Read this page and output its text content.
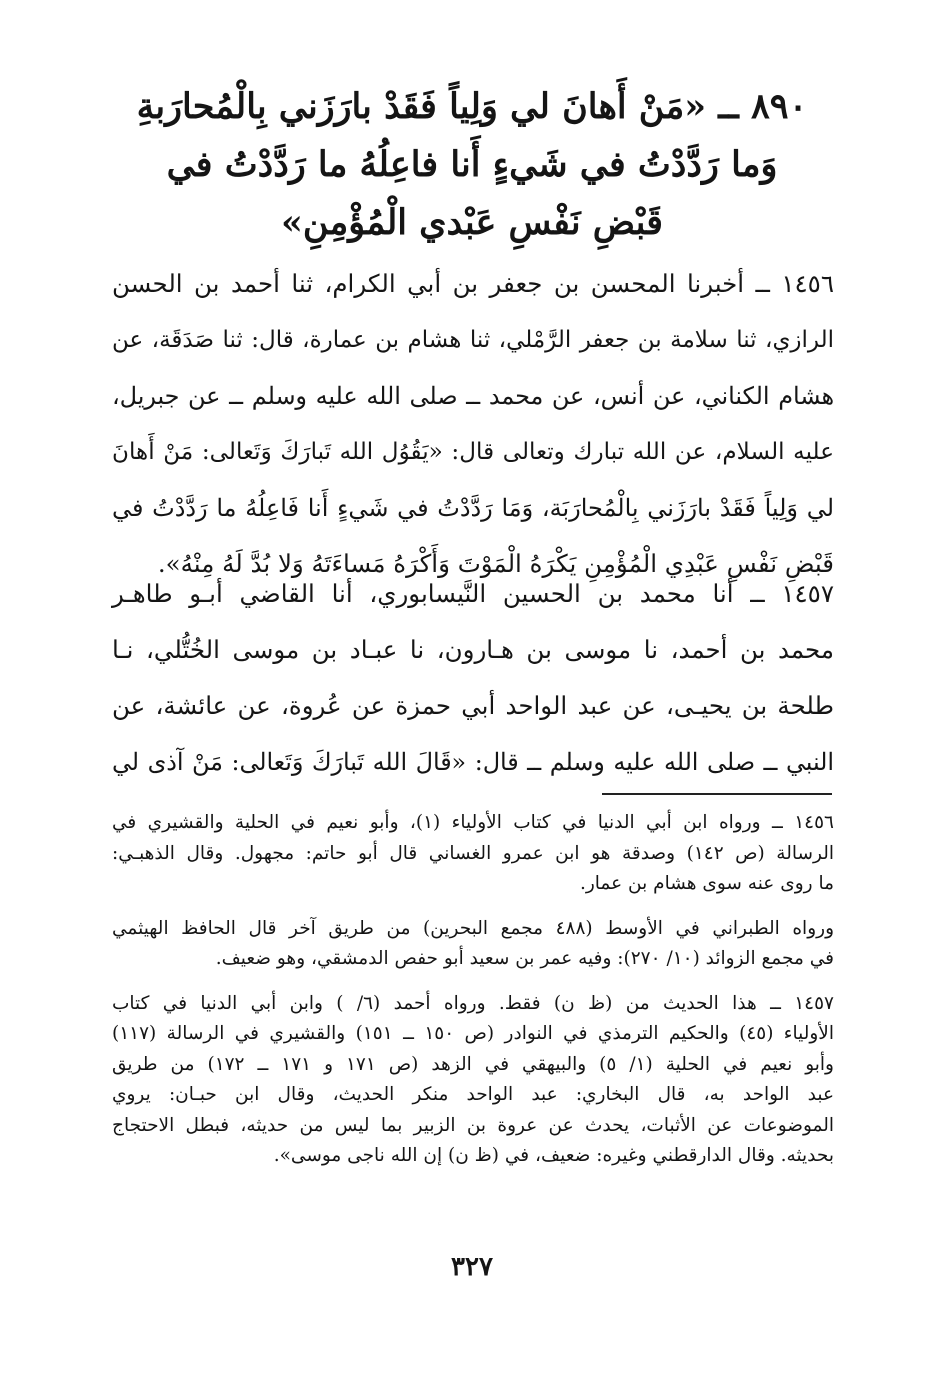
٨٩٠ ــ «مَنْ أَهانَ لي وَلِياً فَقَدْ بارَزَني بِالْمُحارَبةِ
وَما رَدَّدْتُ في شَيءٍ أَنا فاعِلُهُ ما رَدَّدْتُ في
قَبْضِ نَفْسِ عَبْدي الْمُؤْمِنِ»
١٤٥٦ ــ أخبرنا المحسن بن جعفر بن أبي الكرام، ثنا أحمد بن الحسن
الرازي، ثنا سلامة بن جعفر الرَّمْلي، ثنا هشام بن عمارة، قال: ثنا صَدَقَة، عن
هشام الكناني، عن أنس، عن محمد ــ صلى الله عليه وسلم ــ عن جبريل،
عليه السلام، عن الله تبارك وتعالى قال: «يَقُوُل الله تَبارَكَ وَتَعالى: مَنْ أَهانَ
لي وَلِياً فَقَدْ بارَزَني بِالْمُحارَبَة، وَمَا رَدَّدْتُ في شَيءٍ أَنا فَاعِلُهُ ما رَدَّدْتُ في
قَبْضِ نَفْسِ عَبْدِي الْمُؤْمِنِ يَكْرَهُ الْمَوْتَ وَأَكْرَهُ مَساءَتَهُ وَلا بُدَّ لَهُ مِنْهُ».
١٤٥٧ ــ أنا محمد بن الحسين النَّيسابوري، أنا القاضي أبـو طاهـر
محمد بن أحمد، نا موسى بن هـارون، نا عبـاد بن موسى الخُتُّلي، نـا
طلحة بن يحيـى، عن عبد الواحد أبي حمزة عن عُروة، عن عائشة، عن
النبي ــ صلى الله عليه وسلم ــ قال: «قَالَ الله تَبارَكَ وَتَعالى: مَنْ آذى لي
١٤٥٦ ــ ورواه ابن أبي الدنيا في كتاب الأولياء (١)، وأبو نعيم في الحلية والقشيري في
الرسالة (ص ١٤٢) وصدقة هو ابن عمرو الغساني قال أبو حاتم: مجهول. وقال الذهبـي:
ما روى عنه سوى هشام بن عمار.
ورواه الطبراني في الأوسط (٤٨٨ مجمع البحرين) من طريق آخر قال الحافظ الهيثمي
في مجمع الزوائد (١٠/ ٢٧٠): وفيه عمر بن سعيد أبو حفص الدمشقي، وهو ضعيف.
١٤٥٧ ــ هذا الحديث من (ظ ن) فقط. ورواه أحمد (٦/ ) وابن أبي الدنيا في كتاب
الأولياء (٤٥) والحكيم الترمذي في النوادر (ص ١٥٠ ــ ١٥١) والقشيري في الرسالة (١١٧)
وأبو نعيم في الحلية (١/ ٥) والبيهقي في الزهد (ص ١٧١ و ١٧١ ــ ١٧٢) من طريق
عبد الواحد به، قال البخاري: عبد الواحد منكر الحديث، وقال ابن حبـان: يروي
الموضوعات عن الأثبات، يحدث عن عروة بن الزبير بما ليس من حديثه، فبطل الاحتجاج
بحديثه. وقال الدارقطني وغيره: ضعيف، في (ظ ن) إن الله ناجى موسى».
٣٢٧
